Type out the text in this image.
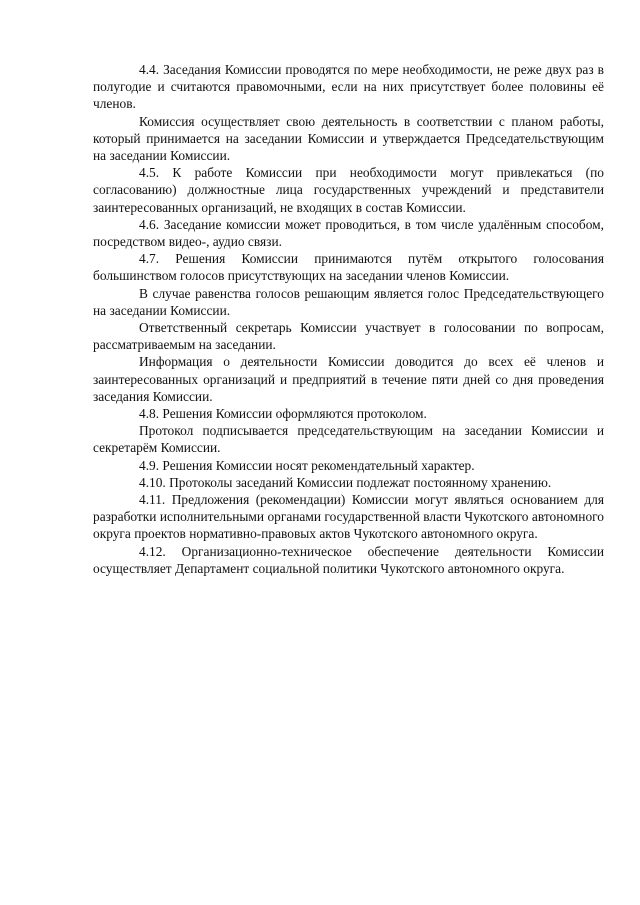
4.4. Заседания Комиссии проводятся по мере необходимости, не реже двух раз в полугодие и считаются правомочными, если на них присутствует более половины её членов.

Комиссия осуществляет свою деятельность в соответствии с планом работы, который принимается на заседании Комиссии и утверждается Председательствующим на заседании Комиссии.

4.5. К работе Комиссии при необходимости могут привлекаться (по согласованию) должностные лица государственных учреждений и представители заинтересованных организаций, не входящих в состав Комиссии.

4.6. Заседание комиссии может проводиться, в том числе удалённым способом, посредством видео-, аудио связи.

4.7. Решения Комиссии принимаются путём открытого голосования большинством голосов присутствующих на заседании членов Комиссии.

В случае равенства голосов решающим является голос Председательствующего на заседании Комиссии.

Ответственный секретарь Комиссии участвует в голосовании по вопросам, рассматриваемым на заседании.

Информация о деятельности Комиссии доводится до всех её членов и заинтересованных организаций и предприятий в течение пяти дней со дня проведения заседания Комиссии.

4.8. Решения Комиссии оформляются протоколом.

Протокол подписывается председательствующим на заседании Комиссии и секретарём Комиссии.

4.9. Решения Комиссии носят рекомендательный характер.

4.10. Протоколы заседаний Комиссии подлежат постоянному хранению.

4.11. Предложения (рекомендации) Комиссии могут являться основанием для разработки исполнительными органами государственной власти Чукотского автономного округа проектов нормативно-правовых актов Чукотского автономного округа.

4.12. Организационно-техническое обеспечение деятельности Комиссии осуществляет Департамент социальной политики Чукотского автономного округа.
